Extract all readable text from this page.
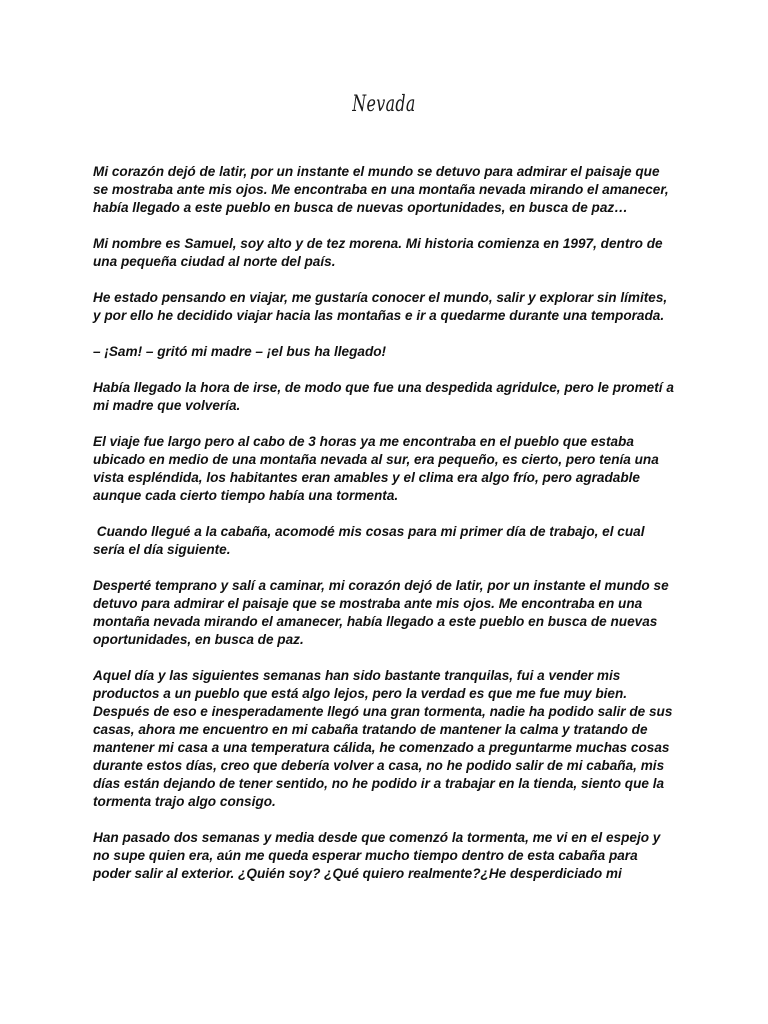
Nevada

Mi corazón dejó de latir, por un instante el mundo se detuvo para admirar el paisaje que se mostraba ante mis ojos. Me encontraba en una montaña nevada mirando el amanecer, había llegado a este pueblo en busca de nuevas oportunidades, en busca de paz…

Mi nombre es Samuel, soy alto y de tez morena. Mi historia comienza en 1997, dentro de una pequeña ciudad al norte del país.

He estado pensando en viajar, me gustaría conocer el mundo, salir y explorar sin límites, y por ello he decidido viajar hacia las montañas e ir a quedarme durante una temporada.

– ¡Sam! – gritó mi madre – ¡el bus ha llegado!

Había llegado la hora de irse, de modo que fue una despedida agridulce, pero le prometí a mi madre que volvería.

El viaje fue largo pero al cabo de 3 horas ya me encontraba en el pueblo que estaba ubicado en medio de una montaña nevada al sur, era pequeño, es cierto, pero tenía una vista espléndida, los habitantes eran amables y el clima era algo frío, pero agradable aunque cada cierto tiempo había una tormenta.

Cuando llegué a la cabaña, acomodé mis cosas para mi primer día de trabajo, el cual sería el día siguiente.

Desperté temprano y salí a caminar, mi corazón dejó de latir, por un instante el mundo se detuvo para admirar el paisaje que se mostraba ante mis ojos. Me encontraba en una montaña nevada mirando el amanecer, había llegado a este pueblo en busca de nuevas oportunidades, en busca de paz.

Aquel día y las siguientes semanas han sido bastante tranquilas, fui a vender mis productos a un pueblo que está algo lejos, pero la verdad es que me fue muy bien. Después de eso e inesperadamente llegó una gran tormenta, nadie ha podido salir de sus casas, ahora me encuentro en mi cabaña tratando de mantener la calma y tratando de mantener mi casa a una temperatura cálida, he comenzado a preguntarme muchas cosas durante estos días, creo que debería volver a casa, no he podido salir de mi cabaña, mis días están dejando de tener sentido, no he podido ir a trabajar en la tienda, siento que la tormenta trajo algo consigo.

Han pasado dos semanas y media desde que comenzó la tormenta, me vi en el espejo y no supe quien era, aún me queda esperar mucho tiempo dentro de esta cabaña para poder salir al exterior. ¿Quién soy? ¿Qué quiero realmente?¿He desperdiciado mi
